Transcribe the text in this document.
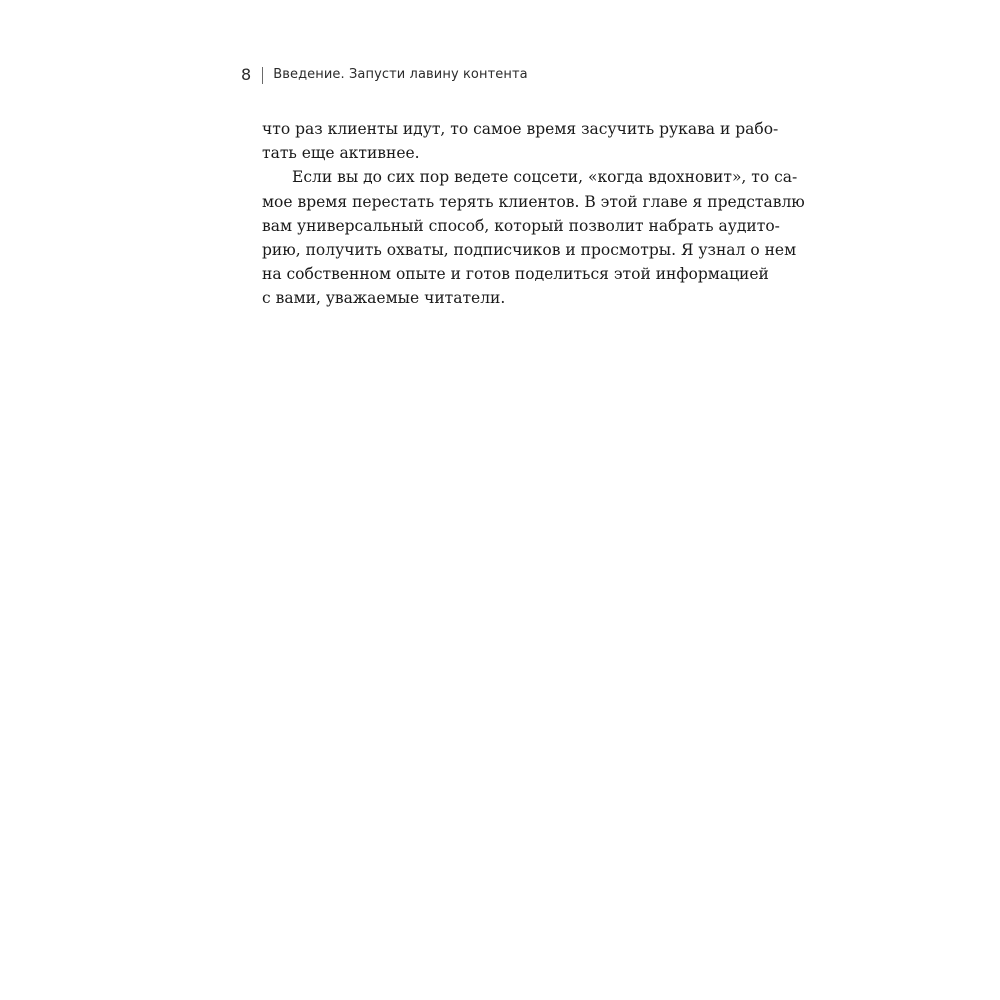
8 Введение. Запусти лавину контента
что раз клиенты идут, то самое время засучить рукава и рабо-
тать еще активнее.
Если вы до сих пор ведете соцсети, «когда вдохновит», то са-
мое время перестать терять клиентов. В этой главе я представлю
вам универсальный способ, который позволит набрать аудито-
рию, получить охваты, подписчиков и просмотры. Я узнал о нем
на собственном опыте и готов поделиться этой информацией
с вами, уважаемые читатели.
